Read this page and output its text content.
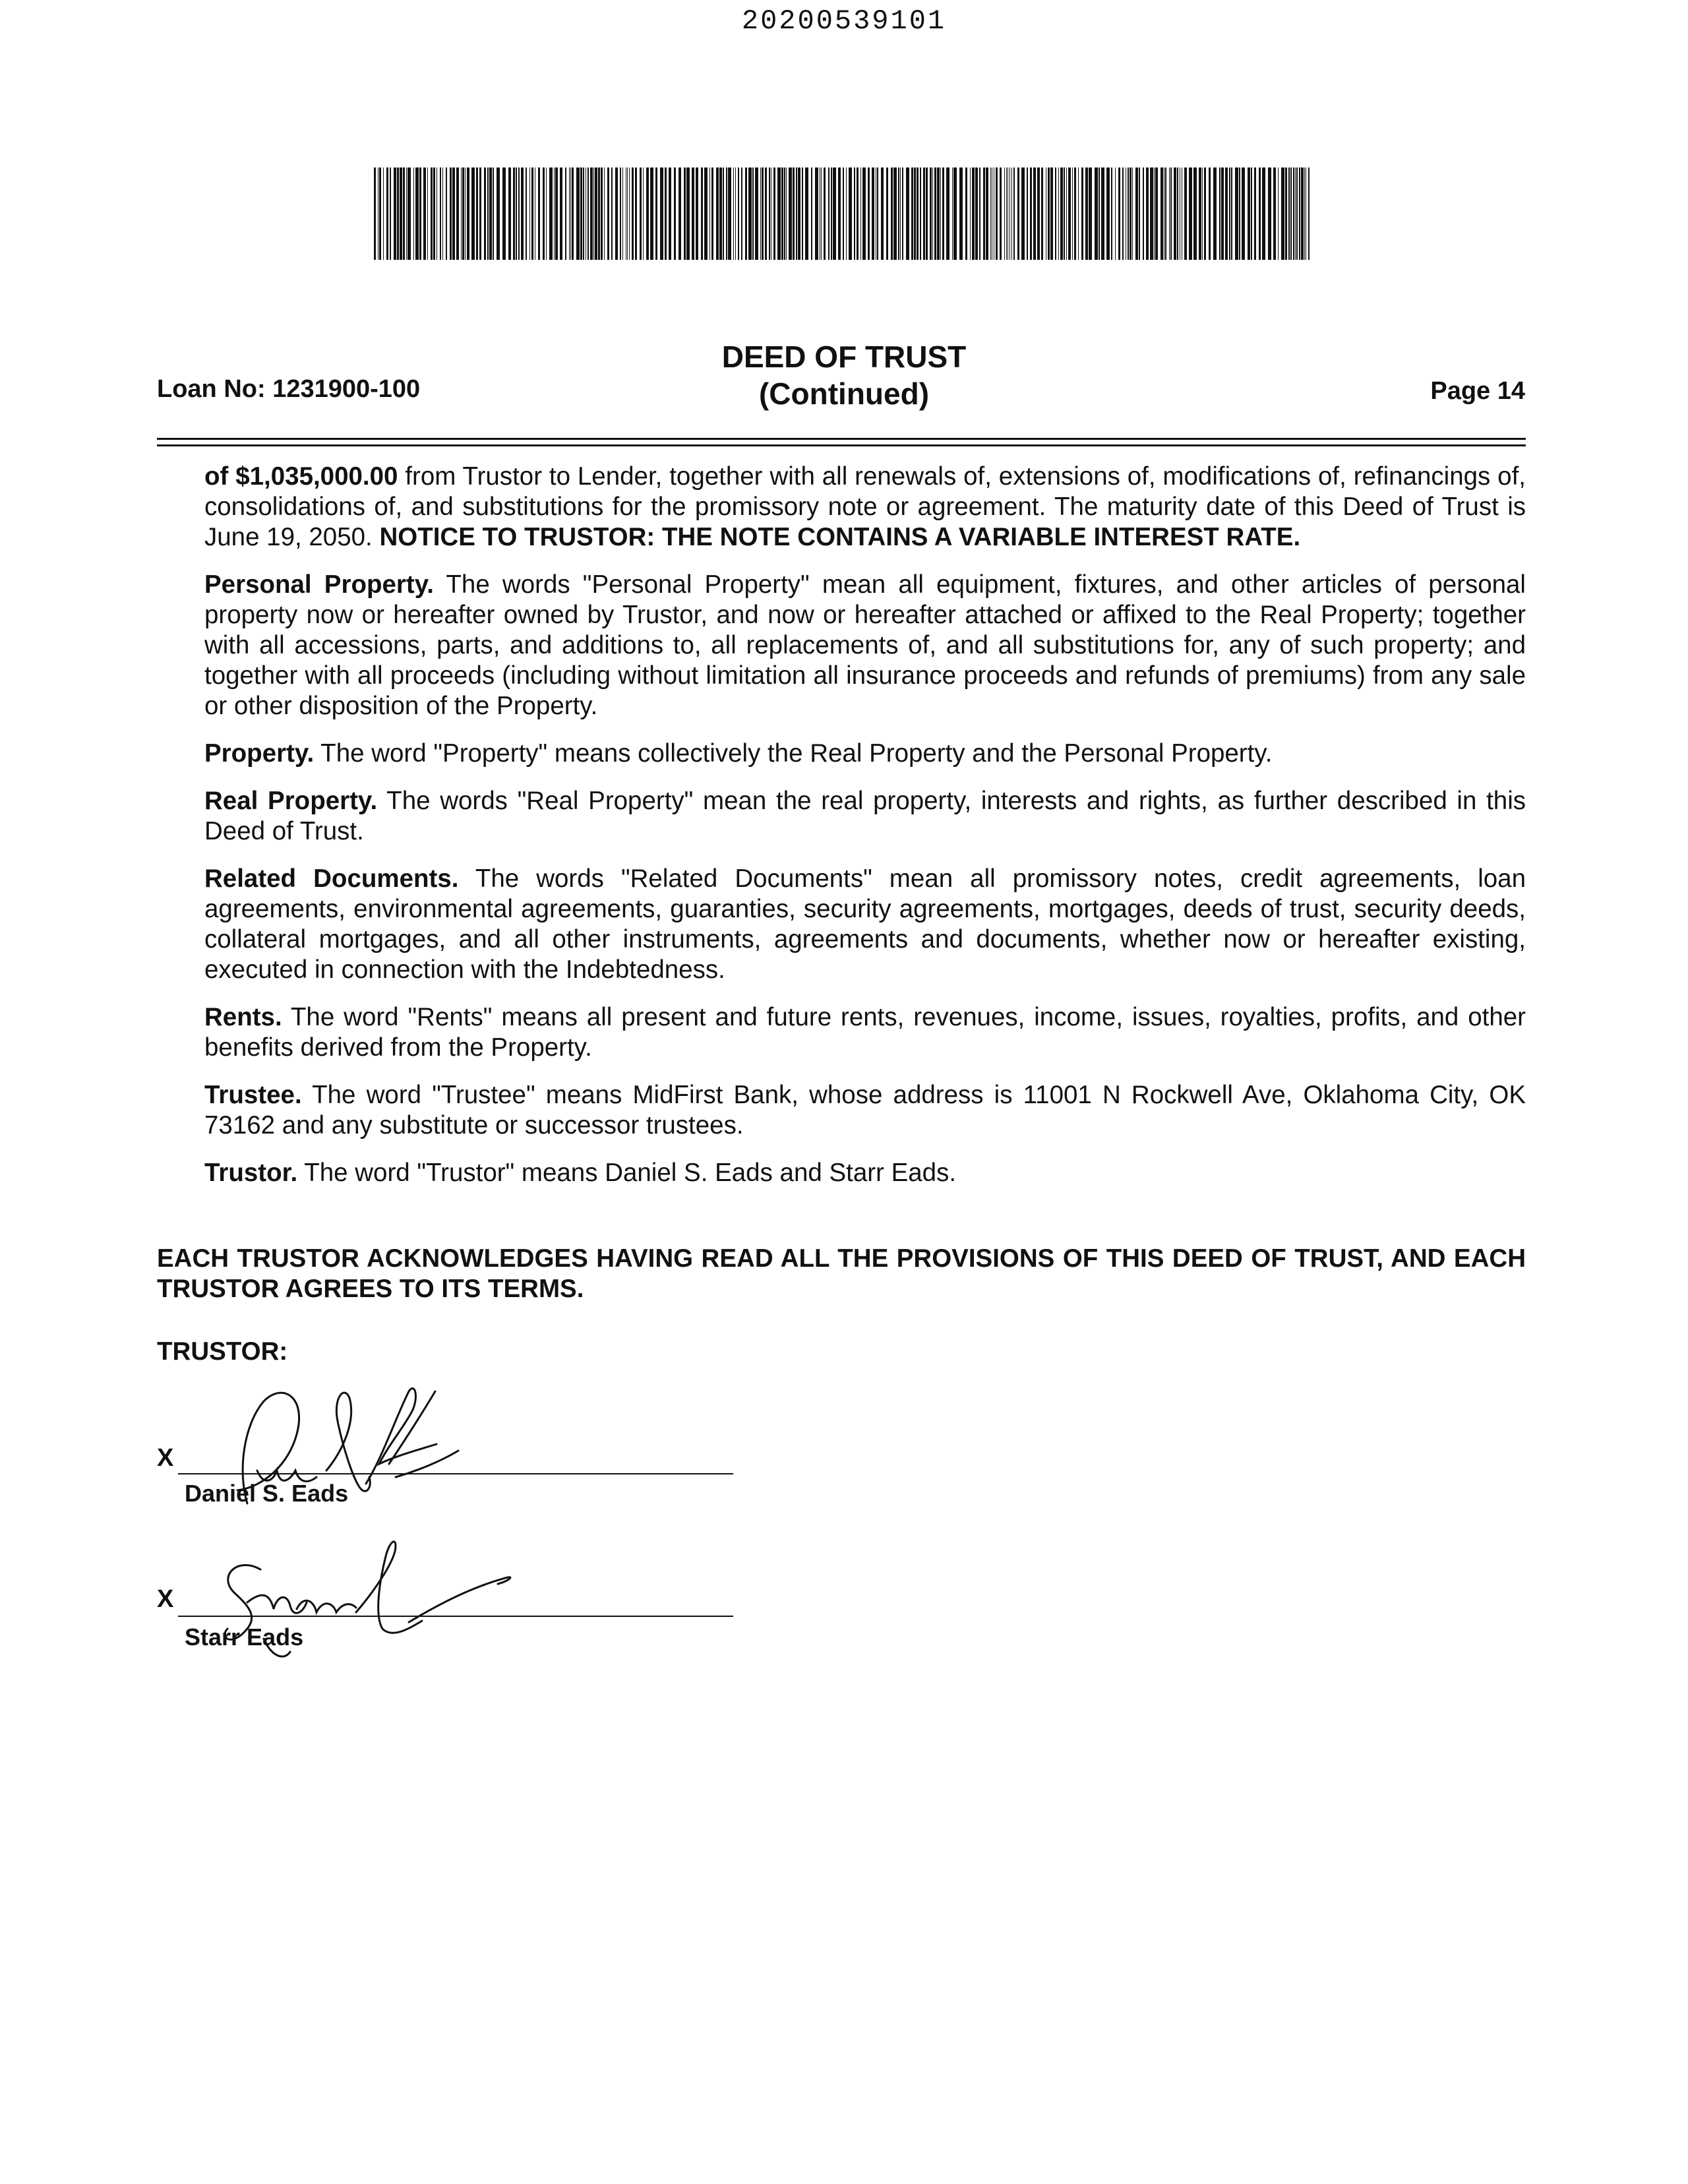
20200539101
DEED OF TRUST
(Continued)
Loan No: 1231900-100	Page 14

of $1,035,000.00 from Trustor to Lender, together with all renewals of, extensions of, modifications of, refinancings of, consolidations of, and substitutions for the promissory note or agreement. The maturity date of this Deed of Trust is June 19, 2050. NOTICE TO TRUSTOR: THE NOTE CONTAINS A VARIABLE INTEREST RATE.

Personal Property. The words "Personal Property" mean all equipment, fixtures, and other articles of personal property now or hereafter owned by Trustor, and now or hereafter attached or affixed to the Real Property; together with all accessions, parts, and additions to, all replacements of, and all substitutions for, any of such property; and together with all proceeds (including without limitation all insurance proceeds and refunds of premiums) from any sale or other disposition of the Property.

Property. The word "Property" means collectively the Real Property and the Personal Property.

Real Property. The words "Real Property" mean the real property, interests and rights, as further described in this Deed of Trust.

Related Documents. The words "Related Documents" mean all promissory notes, credit agreements, loan agreements, environmental agreements, guaranties, security agreements, mortgages, deeds of trust, security deeds, collateral mortgages, and all other instruments, agreements and documents, whether now or hereafter existing, executed in connection with the Indebtedness.

Rents. The word "Rents" means all present and future rents, revenues, income, issues, royalties, profits, and other benefits derived from the Property.

Trustee. The word "Trustee" means MidFirst Bank, whose address is 11001 N Rockwell Ave, Oklahoma City, OK 73162 and any substitute or successor trustees.

Trustor. The word "Trustor" means Daniel S. Eads and Starr Eads.

EACH TRUSTOR ACKNOWLEDGES HAVING READ ALL THE PROVISIONS OF THIS DEED OF TRUST, AND EACH TRUSTOR AGREES TO ITS TERMS.
TRUSTOR:
X
Daniel S. Eads
X
Starr Eads
